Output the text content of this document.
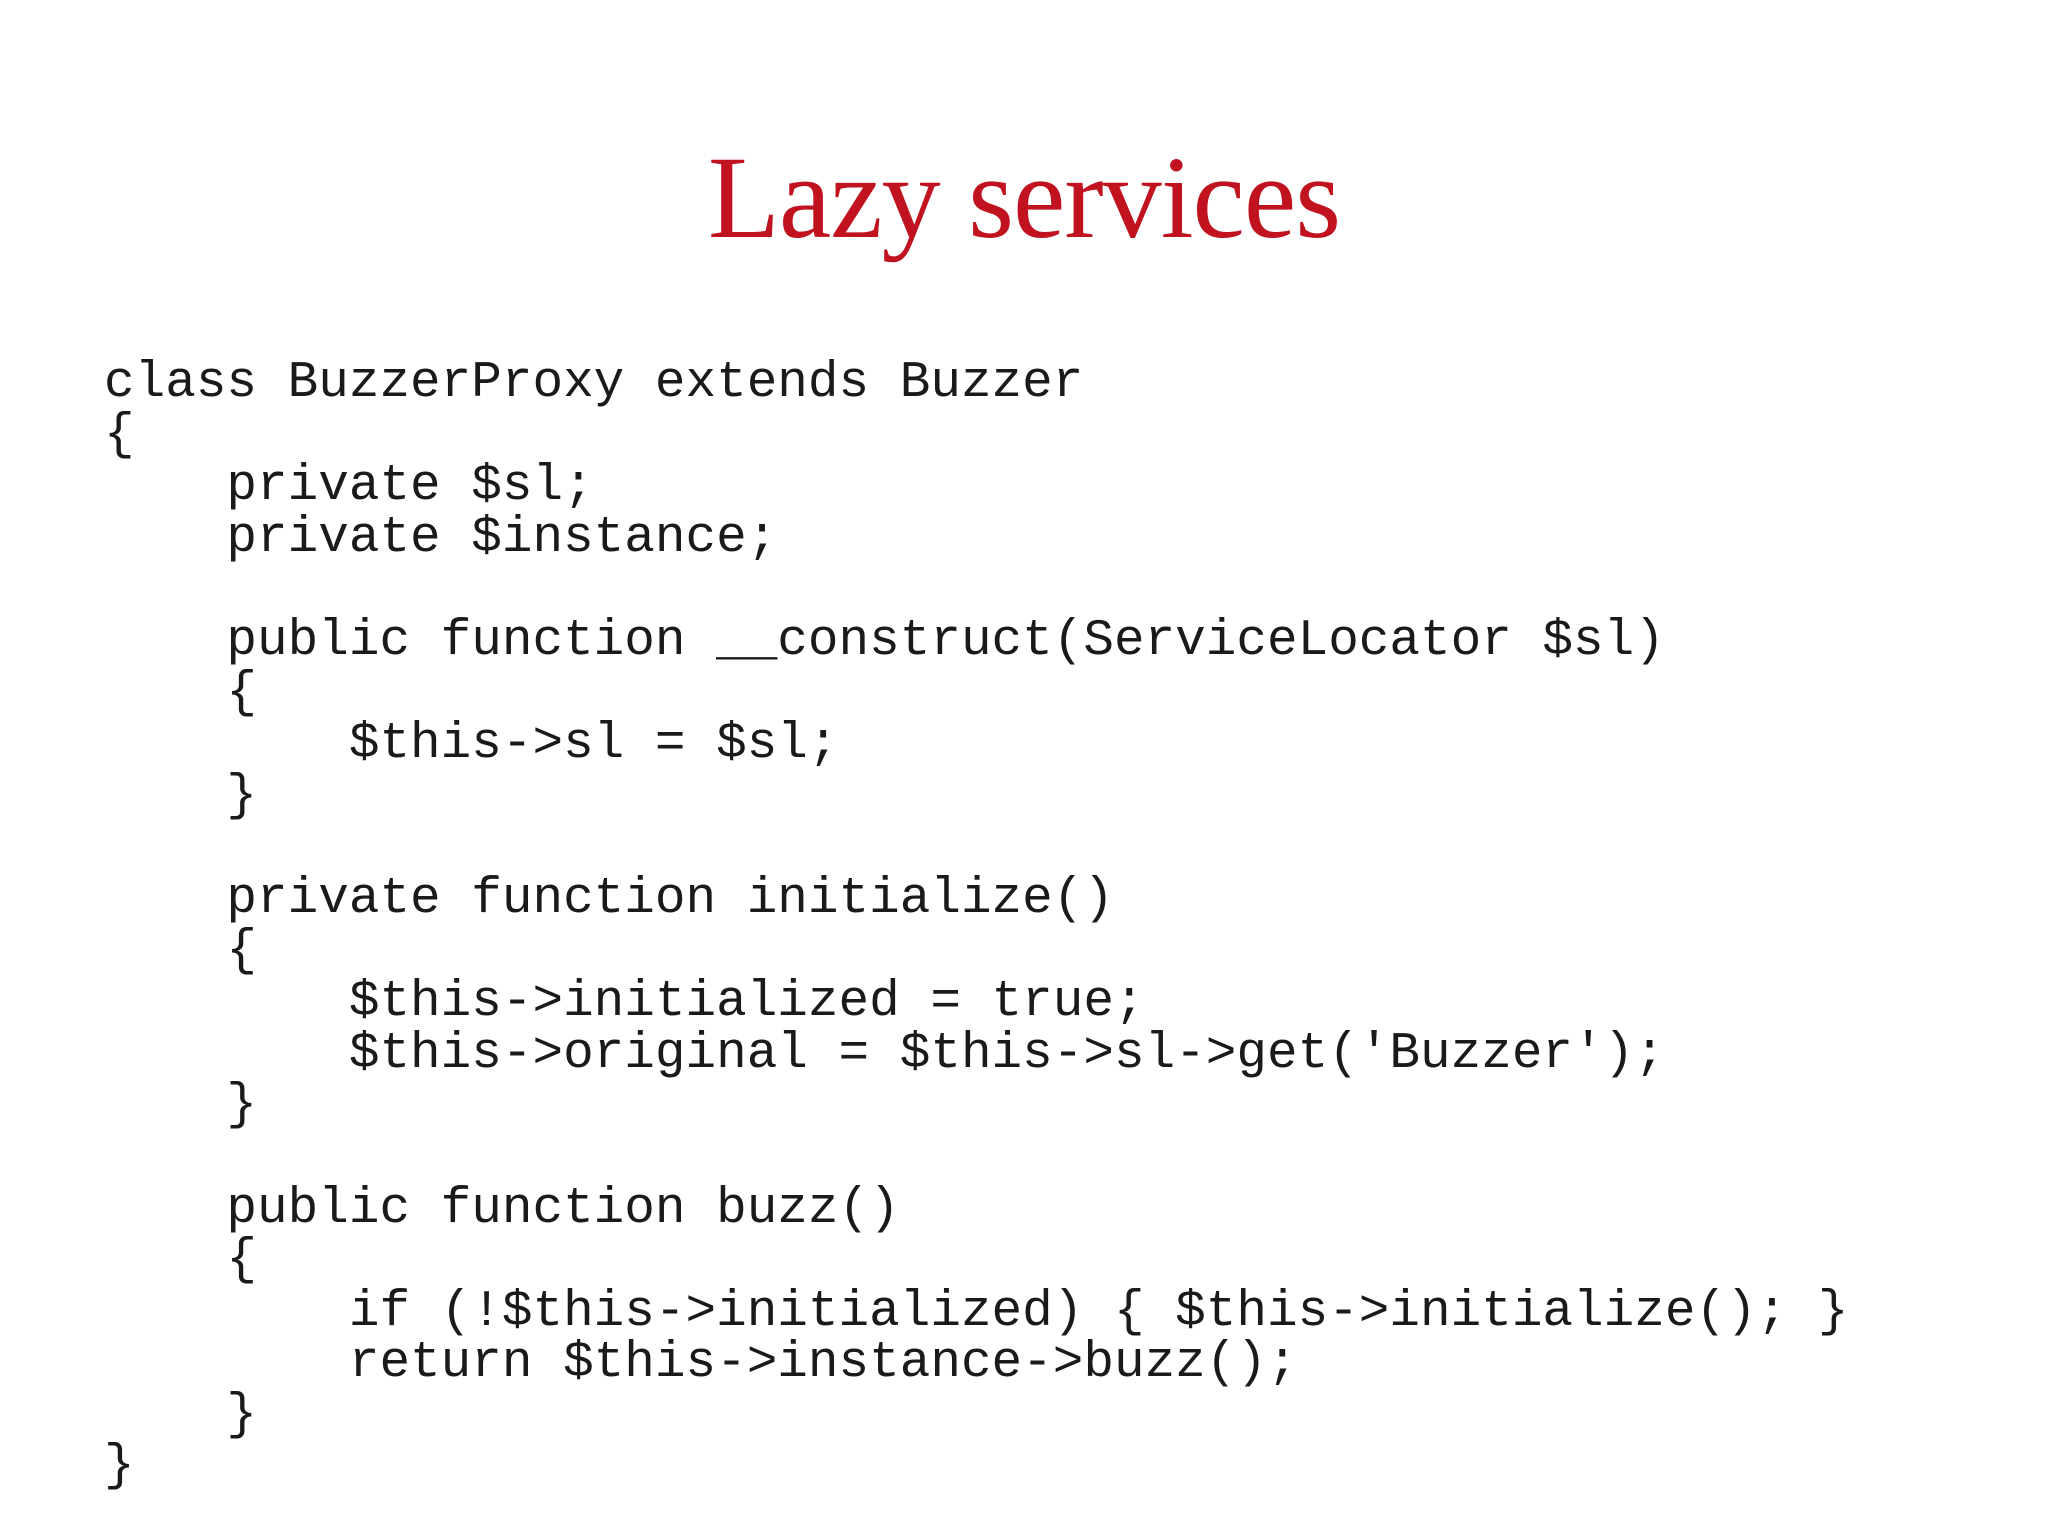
Lazy services
class BuzzerProxy extends Buzzer
{
private $sl;
private $instance;
public function __construct(ServiceLocator $sl)
{
$this->sl = $sl;
}
private function initialize()
{
$this->initialized = true;
$this->original = $this->sl->get('Buzzer');
}
public function buzz()
{
if (!$this->initialized) { $this->initialize(); }
return $this->instance->buzz();
}
}
